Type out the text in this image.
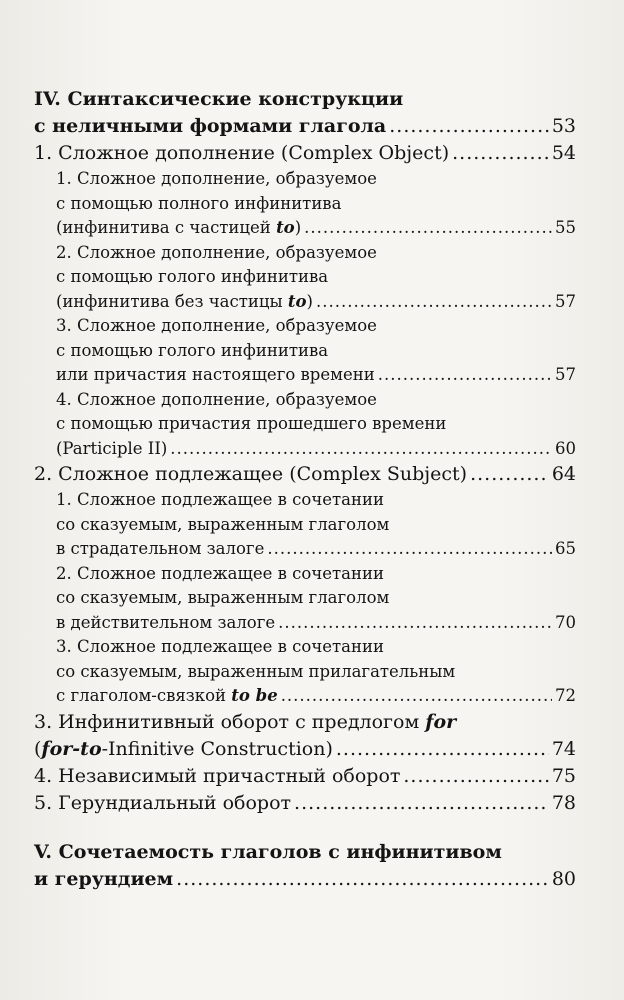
IV. Синтаксические конструкции
с неличными формами глагола .....	53
1. Сложное дополнение (Complex Object) .....	54
1. Сложное дополнение, образуемое
с помощью полного инфинитива
(инфинитива с частицей to) .....	55
2. Сложное дополнение, образуемое
с помощью голого инфинитива
(инфинитива без частицы to) .....	57
3. Сложное дополнение, образуемое
с помощью голого инфинитива
или причастия настоящего времени .....	57
4. Сложное дополнение, образуемое
с помощью причастия прошедшего времени
(Participle II) .....	60
2. Сложное подлежащее (Complex Subject) .....	64
1. Сложное подлежащее в сочетании
со сказуемым, выраженным глаголом
в страдательном залоге .....	65
2. Сложное подлежащее в сочетании
со сказуемым, выраженным глаголом
в действительном залоге .....	70
3. Сложное подлежащее в сочетании
со сказуемым, выраженным прилагательным
с глаголом-связкой to be .....	72
3. Инфинитивный оборот с предлогом for
(for-to-Infinitive Construction) .....	74
4. Независимый причастный оборот .....	75
5. Герундиальный оборот .....	78
V. Сочетаемость глаголов с инфинитивом
и герундием .....	80
